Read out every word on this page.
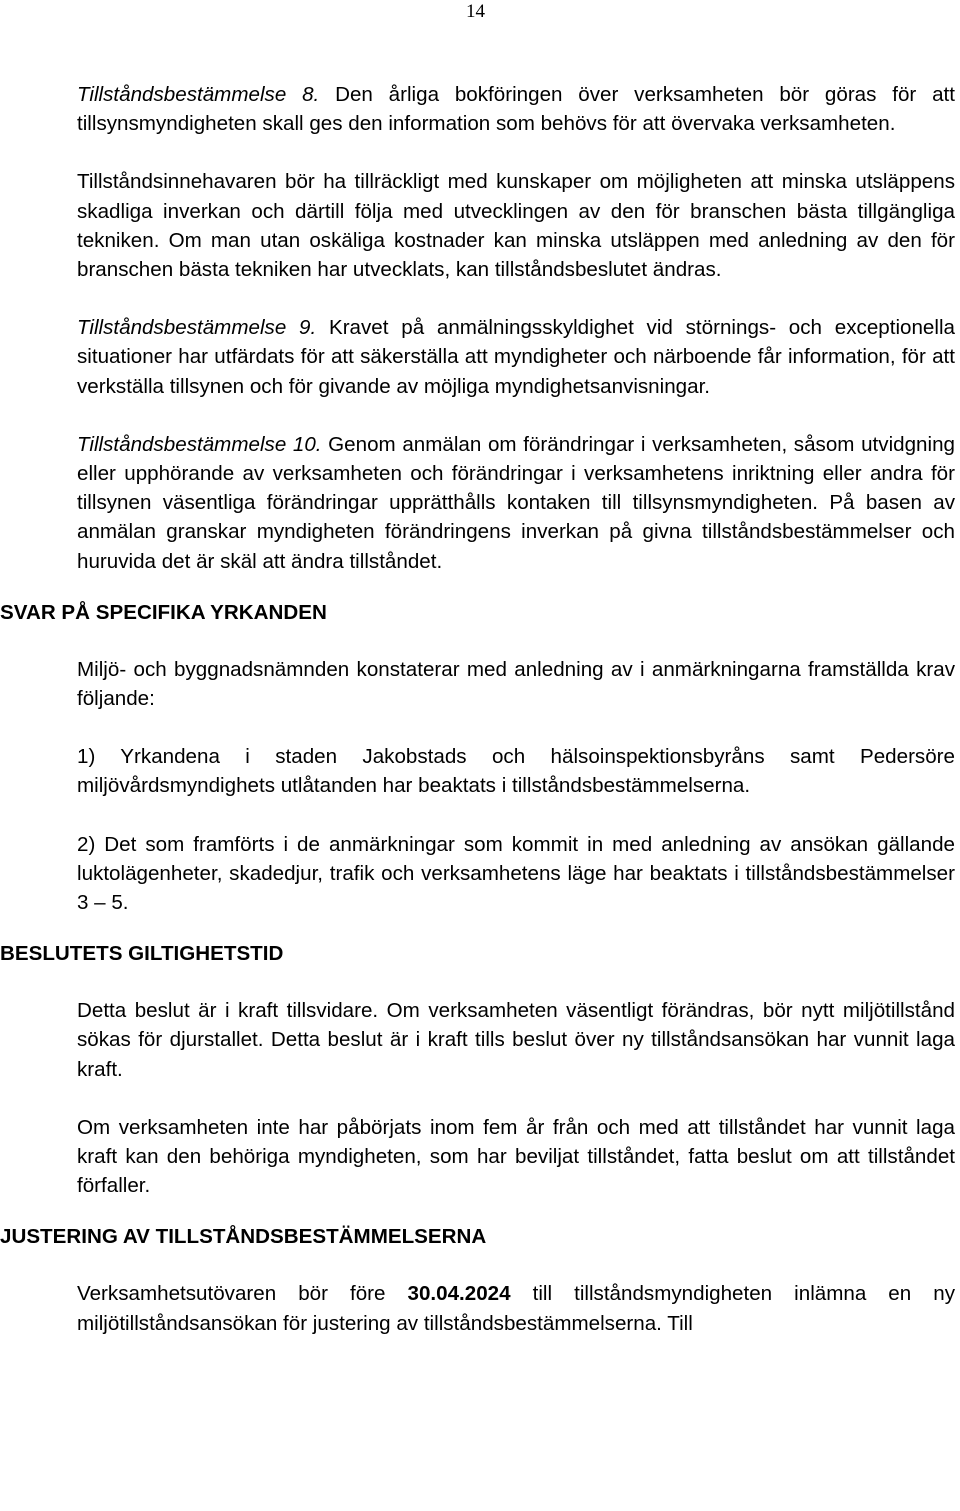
14

Tillståndsbestämmelse 8. Den årliga bokföringen över verksamheten bör göras för att tillsynsmyndigheten skall ges den information som behövs för att övervaka verksamheten.

Tillståndsinnehavaren bör ha tillräckligt med kunskaper om möjligheten att minska utsläppens skadliga inverkan och därtill följa med utvecklingen av den för branschen bästa tillgängliga tekniken. Om man utan oskäliga kostnader kan minska utsläppen med anledning av den för branschen bästa tekniken har utvecklats, kan tillståndsbeslutet ändras.

Tillståndsbestämmelse 9. Kravet på anmälningsskyldighet vid störnings- och exceptionella situationer har utfärdats för att säkerställa att myndigheter och närboende får information, för att verkställa tillsynen och för givande av möjliga myndighetsanvisningar.

Tillståndsbestämmelse 10. Genom anmälan om förändringar i verksamheten, såsom utvidgning eller upphörande av verksamheten och förändringar i verksamhetens inriktning eller andra för tillsynen väsentliga förändringar upprätthålls kontaken till tillsynsmyndigheten. På basen av anmälan granskar myndigheten förändringens inverkan på givna tillståndsbestämmelser och huruvida det är skäl att ändra tillståndet.

SVAR PÅ SPECIFIKA YRKANDEN

Miljö- och byggnadsnämnden konstaterar med anledning av i anmärkningarna framställda krav följande:

1) Yrkandena i staden Jakobstads och hälsoinspektionsbyråns samt Pedersöre miljövårdsmyndighets utlåtanden har beaktats i tillståndsbestämmelserna.

2) Det som framförts i de anmärkningar som kommit in med anledning av ansökan gällande luktolägenheter, skadedjur, trafik och verksamhetens läge har beaktats i tillståndsbestämmelser 3 – 5.

BESLUTETS GILTIGHETSTID

Detta beslut är i kraft tillsvidare. Om verksamheten väsentligt förändras, bör nytt miljötillstånd sökas för djurstallet. Detta beslut är i kraft tills beslut över ny tillståndsansökan har vunnit laga kraft.

Om verksamheten inte har påbörjats inom fem år från och med att tillståndet har vunnit laga kraft kan den behöriga myndigheten, som har beviljat tillståndet, fatta beslut om att tillståndet förfaller.

JUSTERING AV TILLSTÅNDSBESTÄMMELSERNA

Verksamhetsutövaren bör före 30.04.2024 till tillståndsmyndigheten inlämna en ny miljötillståndsansökan för justering av tillståndsbestämmelserna. Till
